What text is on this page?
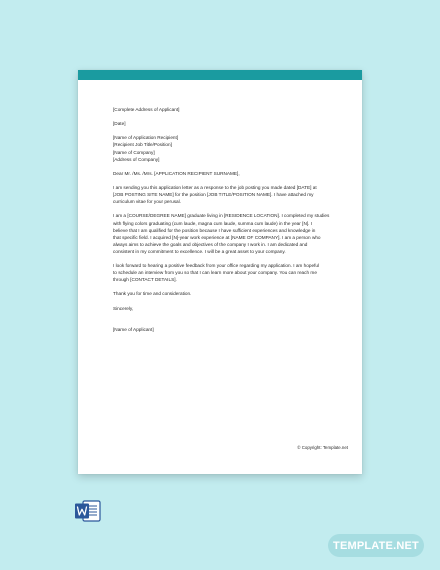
[Complete Address of Applicant]
[Date]
[Name of Application Recipient]
[Recipient Job Title/Position]
[Name of Company]
[Address of Company]
Dear Mr. /Ms. /Mrs. [APPLICATION RECIPIENT SURNAME],
I am sending you this application letter as a response to the job posting you made dated [DATE] at
[JOB POSTING SITE NAME] for the position [JOB TITLE/POSITION NAME]. I have attached my
curriculum vitae for your perusal.
I am a [COURSE/DEGREE NAME] graduate living in [RESIDENCE LOCATION]. I completed my studies
with flying colors graduating (cum laude, magna cum laude, summa cum laude) in the year [N]. I
believe that I am qualified for the position because I have sufficient experiences and knowledge in
that specific field. I acquired [N]-year work experience at [NAME OF COMPANY]. I am a person who
always aims to achieve the goals and objectives of the company I work in. I am dedicated and
consistent in my commitment to excellence. I will be a great asset to your company.
I look forward to hearing a positive feedback from your office regarding my application. I am hopeful
to schedule an interview from you so that I can learn more about your company. You can reach me
through [CONTACT DETAILS].
Thank you for time and consideration.
Sincerely,
[Name of Applicant]
© Copyright: Template.net
TEMPLATE.NET
